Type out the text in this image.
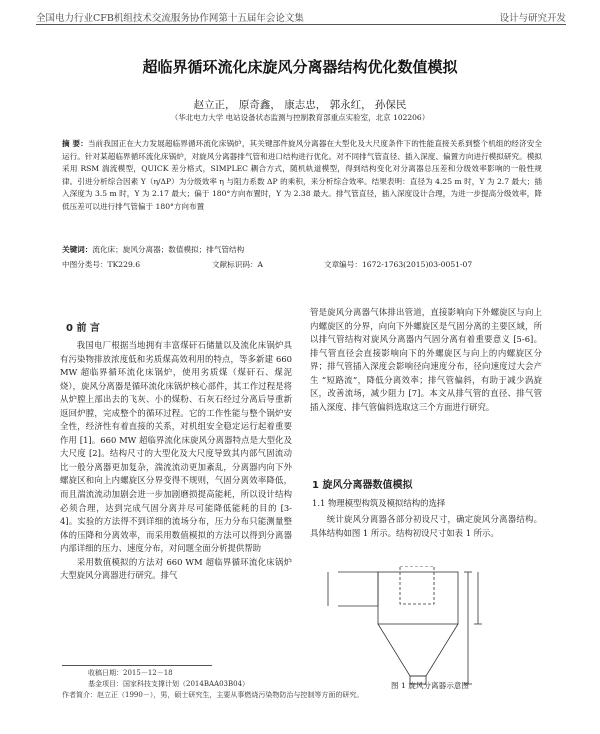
全国电力行业CFB机组技术交流服务协作网第十五届年会论文集	设计与研究开发
超临界循环流化床旋风分离器结构优化数值模拟
赵立正， 原奇鑫， 康志忠， 郭永红， 孙保民
（华北电力大学 电站设备状态监测与控制教育部重点实验室，北京 102206）
摘 要：当前我国正在大力发展超临界循环流化床锅炉，其关键部件旋风分离器在大型化及大尺度条件下的性能直接关系到整个机组的经济安全运行。针对某超临界循环流化床锅炉，对旋风分离器排气管和进口结构进行优化。对不同排气管直径、插入深度、偏置方向进行模拟研究。模拟采用 RSM 湍流模型，QUICK 差分格式，SIMPLEC 耦合方式，随机轨道模型，得到结构变化对分离器总压差和分级效率影响的一般性规律。引进分析综合因素 Y（η/ΔP）为分级效率 η 与阻力系数 ΔP 的乘积，来分析综合效率。结果表明：直径为 4.25 m 时，Y 为 2.7 最大；插入深度为 3.5 m 时，Y 为 2.17 最大；偏于 180°方向布置时，Y 为 2.38 最大。排气管直径，插入深度设计合理，为进一步提高分级效率，降低压差可以进行排气管偏于 180°方向布置
关键词：流化床；旋风分离器；数值模拟；排气管结构
中图分类号：TK229.6	文献标识码：A	文章编号：1672-1763(2015)03-0051-07
0 前 言

我国电厂根据当地拥有丰富煤矸石储量以及流化床锅炉具有污染物排放浓度低和劣质煤高效利用的特点，等多新建 660 MW 超临界循环流化床锅炉，使用劣质煤（煤矸石、煤泥烧），旋风分离器是循环流化床锅炉核心部件，其工作过程是将从炉膛上部出去的飞灰、小的煤粉、石灰石经过分离后导重新返回炉膛，完成整个的循环过程。它的工作性能与整个锅炉安全性，经济性有着直接的关系，对机组安全稳定运行起着重要作用 [1]。660 MW 超临界流化床旋风分离器特点是大型化及大尺度 [2]。结构尺寸的大型化及大尺度导致其内部气固流动比一般分离器更加复杂，湍流流动更加紊乱，分离器内向下外螺旋区和向上内螺旋区分界变得不规则，气固分离效率降低，而且湍流流动加剧会进一步加剧磨损提高能耗，所以设计结构必须合理，达到完成气固分离并尽可能降低能耗的目的 [3-4]。实验的方法得不到详细的流场分布，压力分布只能测量整体的压降和分离效率，而采用数值模拟的方法可以得到分离器内部详细的压力、速度分布，对问题全面分析提供帮助

采用数值模拟的方法对 660 WM 超临界循环流化床锅炉大型旋风分离器进行研究。排气

管是旋风分离器气体排出管道，直接影响向下外螺旋区与向上内螺旋区的分界，向向下外螺旋区是气固分离的主要区域，所以排气管结构对旋风分离器内气固分离有着重要意义 [5-6]。排气管直径会直接影响向下的外螺旋区与向上的内螺旋区分界；排气管插入深度会影响径向速度分布，径向速度过大会产生 “短路流”，降低分离效率；排气管偏斜，有助于减少涡旋区，改善流场，减少阻力 [7]。本文从排气管的直径、排气管插入深度、排气管偏斜选取这三个方面进行研究。

1 旋风分离器数值模拟
1.1 物理模型构筑及模拟结构的选择

统计旋风分离器各部分初设尺寸，确定旋风分离器结构。具体结构如图 1 所示。结构初设尺寸如表 1 所示。

图 1 旋风分离器示意图
收稿日期：2015－12－18
基金项目：国家科技支撑计划（2014BAA03B04）
作者简介：赵立正（1990－），男，硕士研究生，主要从事燃烧污染物防治与控制等方面的研究。
